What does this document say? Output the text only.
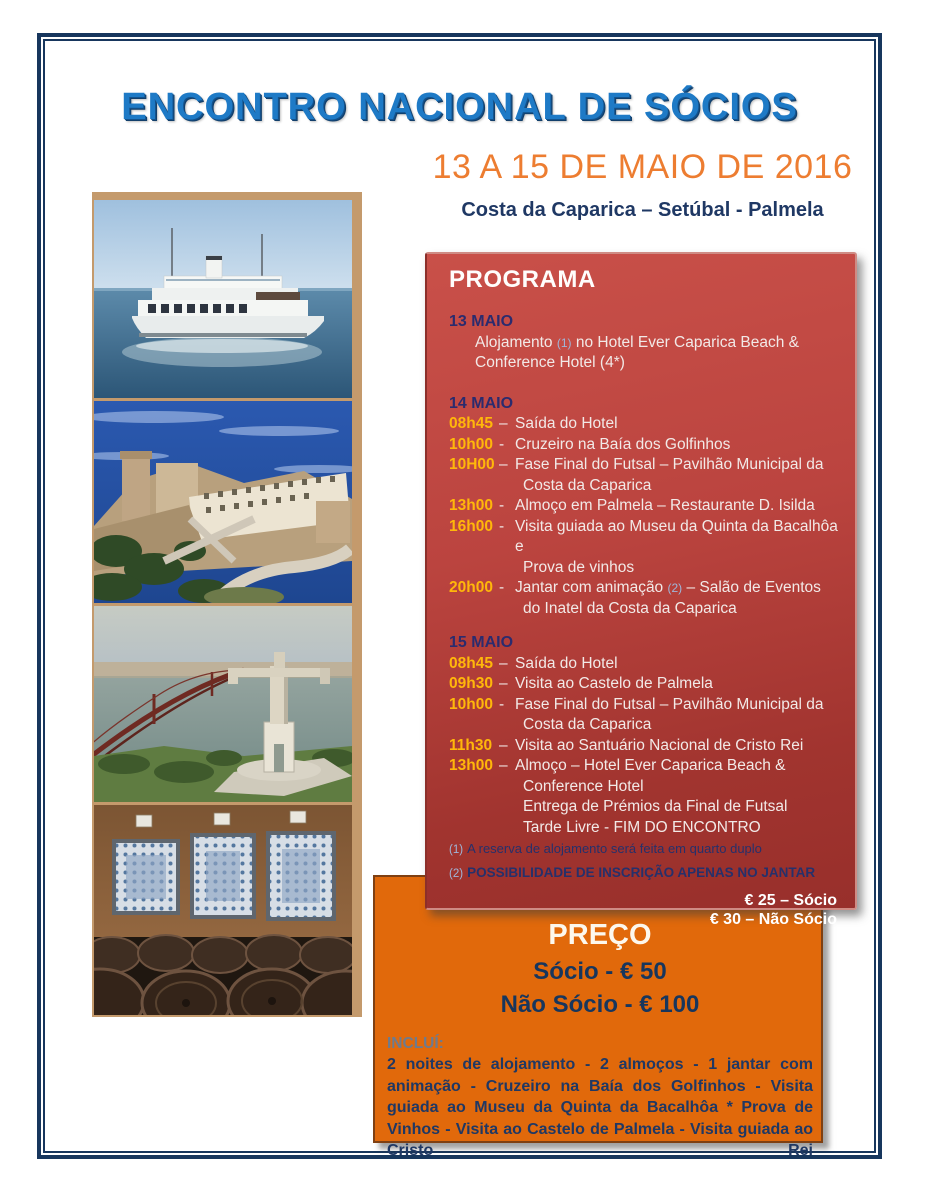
ENCONTRO NACIONAL DE SÓCIOS
13 A 15 DE MAIO DE 2016
Costa da Caparica – Setúbal - Palmela
PREÇO
Sócio - € 50
Não Sócio - € 100
INCLUÍ:
2 noites de alojamento - 2 almoços - 1 jantar com animação - Cruzeiro na Baía dos Golfinhos - Visita guiada ao Museu da Quinta da Bacalhôa * Prova de Vinhos - Visita ao Castelo de Palmela - Visita guiada ao Cristo Rei
PROGRAMA
13 MAIO
Alojamento (1) no Hotel Ever Caparica Beach &
Conference Hotel (4*)
14 MAIO
08h45 – Saída do Hotel
10h00 - Cruzeiro na Baía dos Golfinhos
10H00 – Fase Final do Futsal – Pavilhão Municipal da
Costa da Caparica
13h00 - Almoço em Palmela – Restaurante D. Isilda
16h00 - Visita guiada ao Museu da Quinta da Bacalhôa e
Prova de vinhos
20h00 - Jantar com animação (2) – Salão de Eventos
do Inatel da Costa da Caparica
15 MAIO
08h45 – Saída do Hotel
09h30 – Visita ao Castelo de Palmela
10h00 - Fase Final do Futsal – Pavilhão Municipal da
Costa da Caparica
11h30 – Visita ao Santuário Nacional de Cristo Rei
13h00 – Almoço – Hotel Ever Caparica Beach &
Conference Hotel
Entrega de Prémios da Final de Futsal
Tarde Livre - FIM DO ENCONTRO
(1) A reserva de alojamento será feita em quarto duplo
(2) POSSIBILIDADE DE INSCRIÇÃO APENAS NO JANTAR
€ 25 – Sócio
€ 30 – Não Sócio
